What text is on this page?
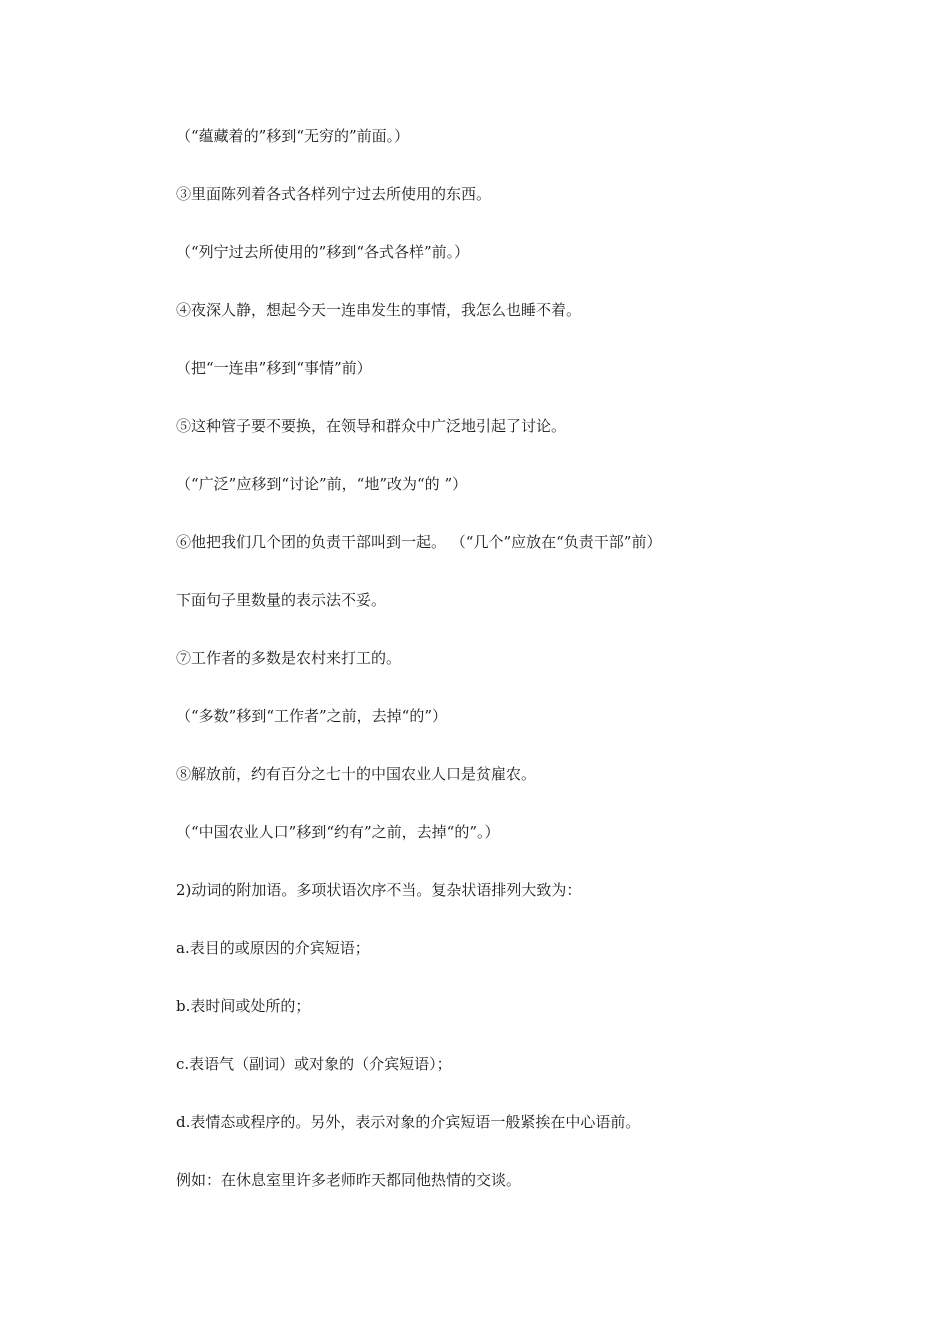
（“蕴藏着的”移到“无穷的”前面。）

③里面陈列着各式各样列宁过去所使用的东西。

（“列宁过去所使用的”移到“各式各样”前。）

④夜深人静，想起今天一连串发生的事情，我怎么也睡不着。

（把“一连串”移到“事情”前）

⑤这种管子要不要换，在领导和群众中广泛地引起了讨论。

（“广泛”应移到“讨论”前，“地”改为“的 ”）

⑥他把我们几个团的负责干部叫到一起。 （“几个”应放在“负责干部”前）

下面句子里数量的表示法不妥。

⑦工作者的多数是农村来打工的。

（“多数”移到“工作者”之前，去掉“的”）

⑧解放前，约有百分之七十的中国农业人口是贫雇农。

（“中国农业人口”移到“约有”之前，去掉“的”。）

2)动词的附加语。多项状语次序不当。复杂状语排列大致为：

a.表目的或原因的介宾短语；

b.表时间或处所的；

c.表语气（副词）或对象的（介宾短语）；

d.表情态或程序的。另外，表示对象的介宾短语一般紧挨在中心语前。

例如：在休息室里许多老师昨天都同他热情的交谈。
